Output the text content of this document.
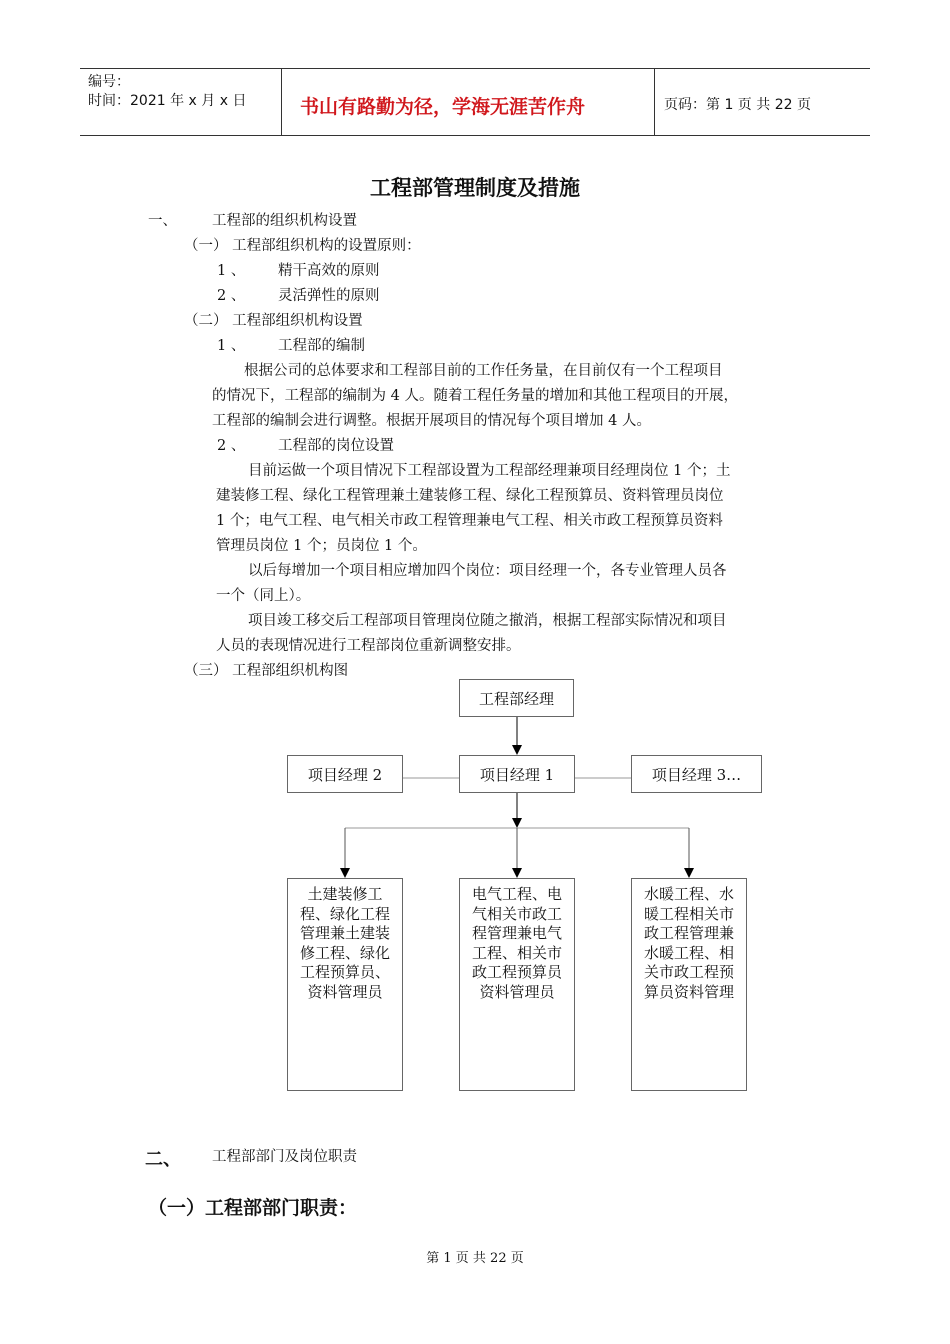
编号：
时间：2021 年 x 月 x 日	书山有路勤为径，学海无涯苦作舟	页码：第 1 页 共 22 页
工程部管理制度及措施
一、 工程部的组织机构设置
（一） 工程部组织机构的设置原则：
1 、 精干高效的原则
2 、 灵活弹性的原则
（二） 工程部组织机构设置
1 、 工程部的编制
根据公司的总体要求和工程部目前的工作任务量，在目前仅有一个工程项目
的情况下，工程部的编制为 4 人。随着工程任务量的增加和其他工程项目的开展，
工程部的编制会进行调整。根据开展项目的情况每个项目增加 4 人。
2 、 工程部的岗位设置
目前运做一个项目情况下工程部设置为工程部经理兼项目经理岗位 1 个；土
建装修工程、绿化工程管理兼土建装修工程、绿化工程预算员、资料管理员岗位
1 个；电气工程、电气相关市政工程管理兼电气工程、相关市政工程预算员资料
管理员岗位 1 个；员岗位 1 个。
以后每增加一个项目相应增加四个岗位：项目经理一个，各专业管理人员各
一个（同上）。
项目竣工移交后工程部项目管理岗位随之撤消，根据工程部实际情况和项目
人员的表现情况进行工程部岗位重新调整安排。
（三） 工程部组织机构图
工程部经理
项目经理 2	项目经理 1	项目经理 3…
土建装修工程、绿化工程管理兼土建装修工程、绿化工程预算员、资料管理员
电气工程、电气相关市政工程管理兼电气工程、相关市政工程预算员资料管理员
水暖工程、水暖工程相关市政工程管理兼水暖工程、相关市政工程预算员资料管理
二、 工程部部门及岗位职责
（一）工程部部门职责：
第 1 页 共 22 页
